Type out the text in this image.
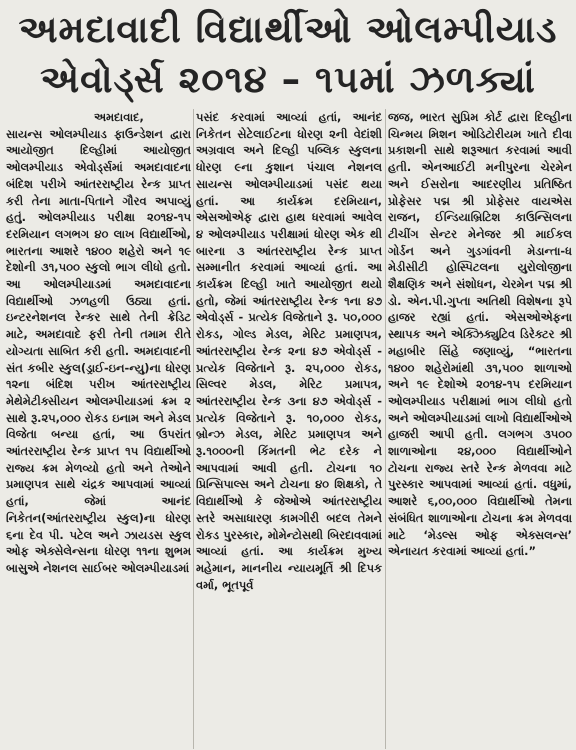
અમદાવાદી વિદ્યાર્થીઓ ઓલમ્પીયાડ
એવોર્ડ્સ ૨૦૧૪ – ૧૫માં ઝળક્યાં
અમદાવાદ,

સાયન્સ ઓલમ્પીયાડ ફાઉન્ડેશન દ્વારા આયોજીત દિલ્હીમાં આયોજીત ઓલમ્પીયાડ એવોર્ડ્સમાં અમદાવાદના બંદિશ પરીખે આંતરરાષ્ટ્રીય રેન્ક પ્રાપ્ત કરી તેના માતા-પિતાને ગૌરવ અપાવ્યું હતું. ઓલમ્પીયાડ પરીક્ષા ૨૦૧૪-૧૫ દરમિયાન લગભગ ૪૦ લાખ વિદ્યાર્થીઓ, ભારતના આશરે ૧૪૦૦ શહેરો અને ૧૯ દેશોની ૩૧,૫૦૦ સ્કુલો ભાગ લીધો હતો. આ ઓલમ્પીયાડમાં અમદાવાદના વિદ્યાર્થીઓ ઝળહળી ઉઠ્યા હતાં. ઇન્ટરનેશનલ રેન્કર સાથે તેની ક્રેડિટ માટે, અમદાવાદે ફરી તેની તમામ રીતે યોગ્યતા સાબિત કરી હતી. અમદાવાદની સંત કબીર સ્કુલ(ડ્રાઈ-ઇન-ન્યુ)ના ધોરણ ૧૨ના બંદિશ પરીખ આંતરરાષ્ટ્રીય મેથેમેટીક્સીયન ઓલમ્પીયાડમાં ક્રમ ૨ સાથે રૂ.૨૫,૦૦૦ રોકડ ઇનામ અને મેડલ વિજેતા બન્યા હતાં, આ ઉપરાંત આંતરરાષ્ટ્રીય રેન્ક પ્રાપ્ત ૧૫ વિદ્યાર્થીઓ રાજ્ય ક્રમ મેળવ્યો હતો અને તેઓને પ્રમાણપત્ર સાથે ચંદ્રક આપવામાં આવ્યાં હતાં, જેમાં આનંદ નિકેતન(આંતરરાષ્ટ્રીય સ્કુલ)ના ધોરણ ૬ના દેવ પી. પટેલ અને ઝાયડસ સ્કુલ ઓફ એક્સેલેન્સના ધોરણ ૧૧ના શુભમ બાસુએ નેશનલ સાઈબર ઓલમ્પીયાડમાં

પસંદ કરવામાં આવ્યાં હતાં, આનંદ નિકેતન સેટેલાઈટના ધોરણ ૨ની વેદાંશી અગ્રવાલ અને દિલ્હી પબ્લિક સ્કુલના ધોરણ ૯ના કુશાન પંચાલ નેશનલ સાયન્સ ઓલમ્પીયાડમાં પસંદ થયા હતાં. આ કાર્યક્રમ દરમિયાન, એસઓએફ દ્વારા હાથ ધરવામાં આવેલ ૪ ઓલમ્પીયાડ પરીક્ષામાં ધોરણ એક થી બારના ૩ આંતરરાષ્ટ્રીય રેન્ક પ્રાપ્ત સમ્માનીત કરવામાં આવ્યાં હતાં. આ કાર્યક્રમ દિલ્હી ખાતે આયોજીત થયો હતો, જેમાં આંતરરાષ્ટ્રીય રેન્ક ૧ના ૪૭ એવોર્ડ્સ - પ્રત્યેક વિજેતાને રૂ. ૫૦,૦૦૦ રોકડ, ગોલ્ડ મેડલ, મેરિટ પ્રમાણપત્ર, આંતરરાષ્ટ્રીય રેન્ક ૨ના ૪૭ એવોર્ડ્સ - પ્રત્યેક વિજેતાને રૂ. ૨૫,૦૦૦ રોકડ, સિલ્વર મેડલ, મેરિટ પ્રમાપત્ર, આંતરરાષ્ટ્રીય રેન્ક ૩ના ૪૭ એવોર્ડ્સ - પ્રત્યેક વિજેતાને રૂ. ૧૦,૦૦૦ રોકડ, બ્રોન્ઝ મેડલ, મેરિટ પ્રમાણપત્ર અને રૂ.૧૦૦૦ની કિંમતની ભેટ દરેક ને આપવામાં આવી હતી. ટોચના ૧૦ પ્રિન્સિપાલ્સ અને ટોચના ૪૦ શિક્ષકો, તે વિદ્યાર્થીઓ કે જેઓએ આંતરરાષ્ટ્રીય સ્તરે અસાધારણ કામગીરી બદલ તેમને રોકડ પુરસ્કાર, મોમેન્ટોસથી બિરદાવવામાં આવ્યાં હતાં. આ કાર્યક્રમ મુખ્ય મહેમાન, માનનીય ન્યાયમૂર્તિ શ્રી દિપક વર્મા, ભૂતપૂર્વ

જજ, ભારત સુપ્રિમ કોર્ટ દ્વારા દિલ્હીના ચિન્મય મિશન ઓડિટોરીયમ ખાતે દીવા પ્રકાશની સાથે શરૂઆત કરવામાં આવી હતી. એનઆઈટી મનીપુરના ચેરમેન અને ઈસરોના આદરણીય પ્રતિષ્ઠિત પ્રોફેસર પદ્મ શ્રી પ્રોફેસર વાયએસ રાજન, ઈન્ડિયાબ્રિટિશ કાઉન્સિલના ટીચીંગ સેન્ટર મેનેજર શ્રી માઈકલ ગોર્ડન અને ગુડગાંવની મેડાન્તા-ધ મેડીસીટી હોસ્પિટલના યુરોલોજીના શૈક્ષણિક અને સંશોધન, ચેરમેન પદ્મ શ્રી ડો. એન.પી.ગુપ્તા અતિથી વિશેષના રૂપે હાજર રહ્યાં હતાં. એસઓએફના સ્થાપક અને એક્ઝિક્યુટિવ ડિરેક્ટર શ્રી મહાબીર સિંહે જણાવ્યું, “ભારતના ૧૪૦૦ શહેરોમાંથી ૩૧,૫૦૦ શાળાઓ અને ૧૯ દેશોએ ૨૦૧૪-૧૫ દરમિયાન ઓલમ્પીયાડ પરીક્ષામાં ભાગ લીધો હતો અને ઓલમ્પીયાડમાં લાખો વિદ્યાર્થીઓએ હાજરી આપી હતી. લગભગ ૩૫૦૦ શાળાઓના ૨૪,૦૦૦ વિદ્યાર્થીઓને ટોચના રાજ્ય સ્તરે રેન્ક મેળવવા માટે પુરસ્કાર આપવામાં આવ્યાં હતાં. વધુમાં, આશરે ૬,૦૦,૦૦૦ વિદ્યાર્થીઓ તેમના સંબંધિત શાળાઓના ટોચના ક્રમ મેળવવા માટે ‘મેડલ્સ ઓફ એક્સલન્સ’ એનાયત કરવામાં આવ્યાં હતાં.”
